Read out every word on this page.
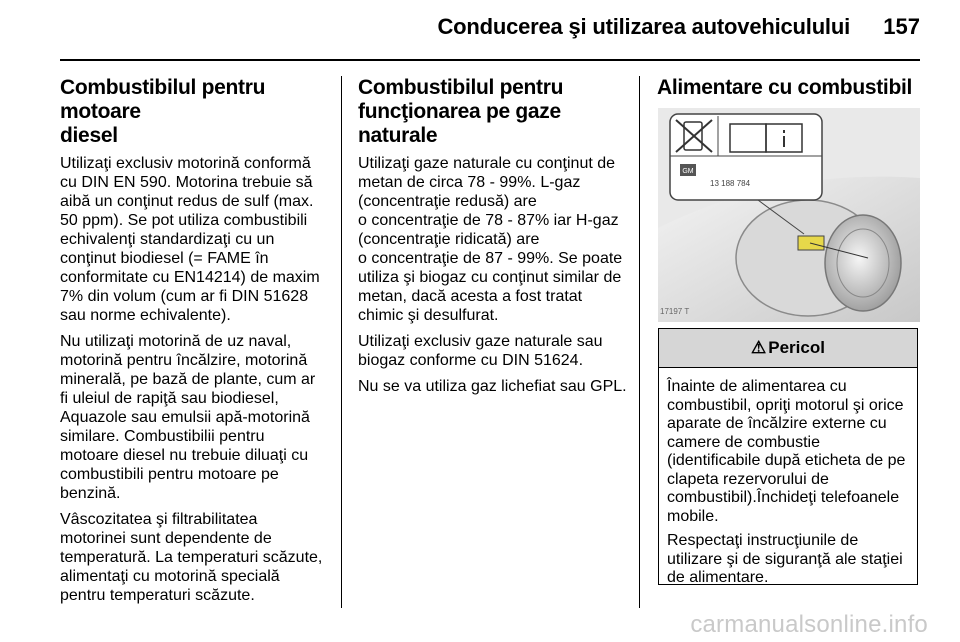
Conducerea şi utilizarea autovehiculului	157
Combustibilul pentru motoare
diesel

Utilizaţi exclusiv motorină conformă
cu DIN EN 590. Motorina trebuie să
aibă un conţinut redus de sulf (max.
50 ppm). Se pot utiliza combustibili
echivalenţi standardizaţi cu un
conţinut biodiesel (= FAME în
conformitate cu EN14214) de maxim
7% din volum (cum ar fi DIN 51628
sau norme echivalente).

Nu utilizaţi motorină de uz naval,
motorină pentru încălzire, motorină
minerală, pe bază de plante, cum ar
fi uleiul de rapiţă sau biodiesel,
Aquazole sau emulsii apă-motorină
similare. Combustibilii pentru
motoare diesel nu trebuie diluaţi cu
combustibili pentru motoare pe
benzină.

Vâscozitatea şi filtrabilitatea
motorinei sunt dependente de
temperatură. La temperaturi scăzute,
alimentaţi cu motorină specială
pentru temperaturi scăzute.

Combustibilul pentru
funcţionarea pe gaze naturale

Utilizaţi gaze naturale cu conţinut de
metan de circa 78 - 99%. L-gaz
(concentraţie redusă) are
o concentraţie de 78 - 87% iar H-gaz
(concentraţie ridicată) are
o concentraţie de 87 - 99%. Se poate
utiliza şi biogaz cu conţinut similar de
metan, dacă acesta a fost tratat
chimic şi desulfurat.

Utilizaţi exclusiv gaze naturale sau
biogaz conforme cu DIN 51624.

Nu se va utiliza gaz lichefiat sau GPL.

Alimentare cu combustibil
GM
13 188 784
17197 T
⚠ Pericol

Înainte de alimentarea cu
combustibil, opriţi motorul şi orice
aparate de încălzire externe cu
camere de combustie
(identificabile după eticheta de pe
clapeta rezervorului de
combustibil).Închideţi telefoanele
mobile.

Respectaţi instrucţiunile de
utilizare şi de siguranţă ale staţiei
de alimentare.

carmanualsonline.info
